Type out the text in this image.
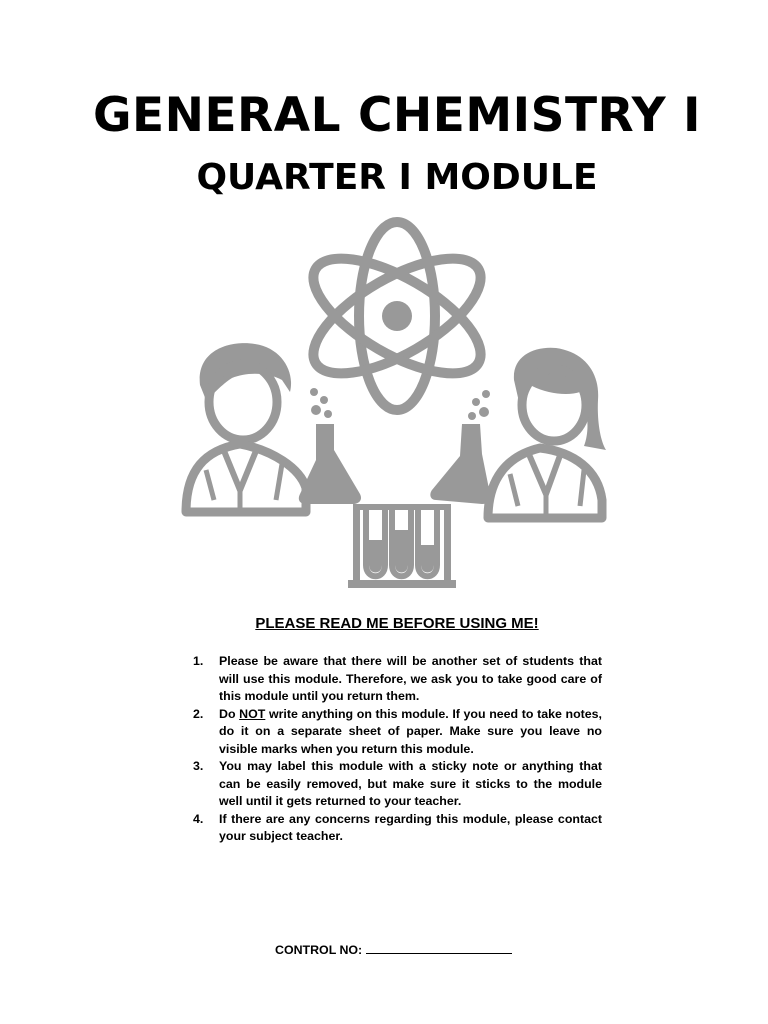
GENERAL CHEMISTRY I
QUARTER I MODULE
PLEASE READ ME BEFORE USING ME!
1. Please be aware that there will be another set of students that will use this module. Therefore, we ask you to take good care of this module until you return them.
2. Do NOT write anything on this module. If you need to take notes, do it on a separate sheet of paper. Make sure you leave no visible marks when you return this module.
3. You may label this module with a sticky note or anything that can be easily removed, but make sure it sticks to the module well until it gets returned to your teacher.
4. If there are any concerns regarding this module, please contact your subject teacher.
CONTROL NO:
